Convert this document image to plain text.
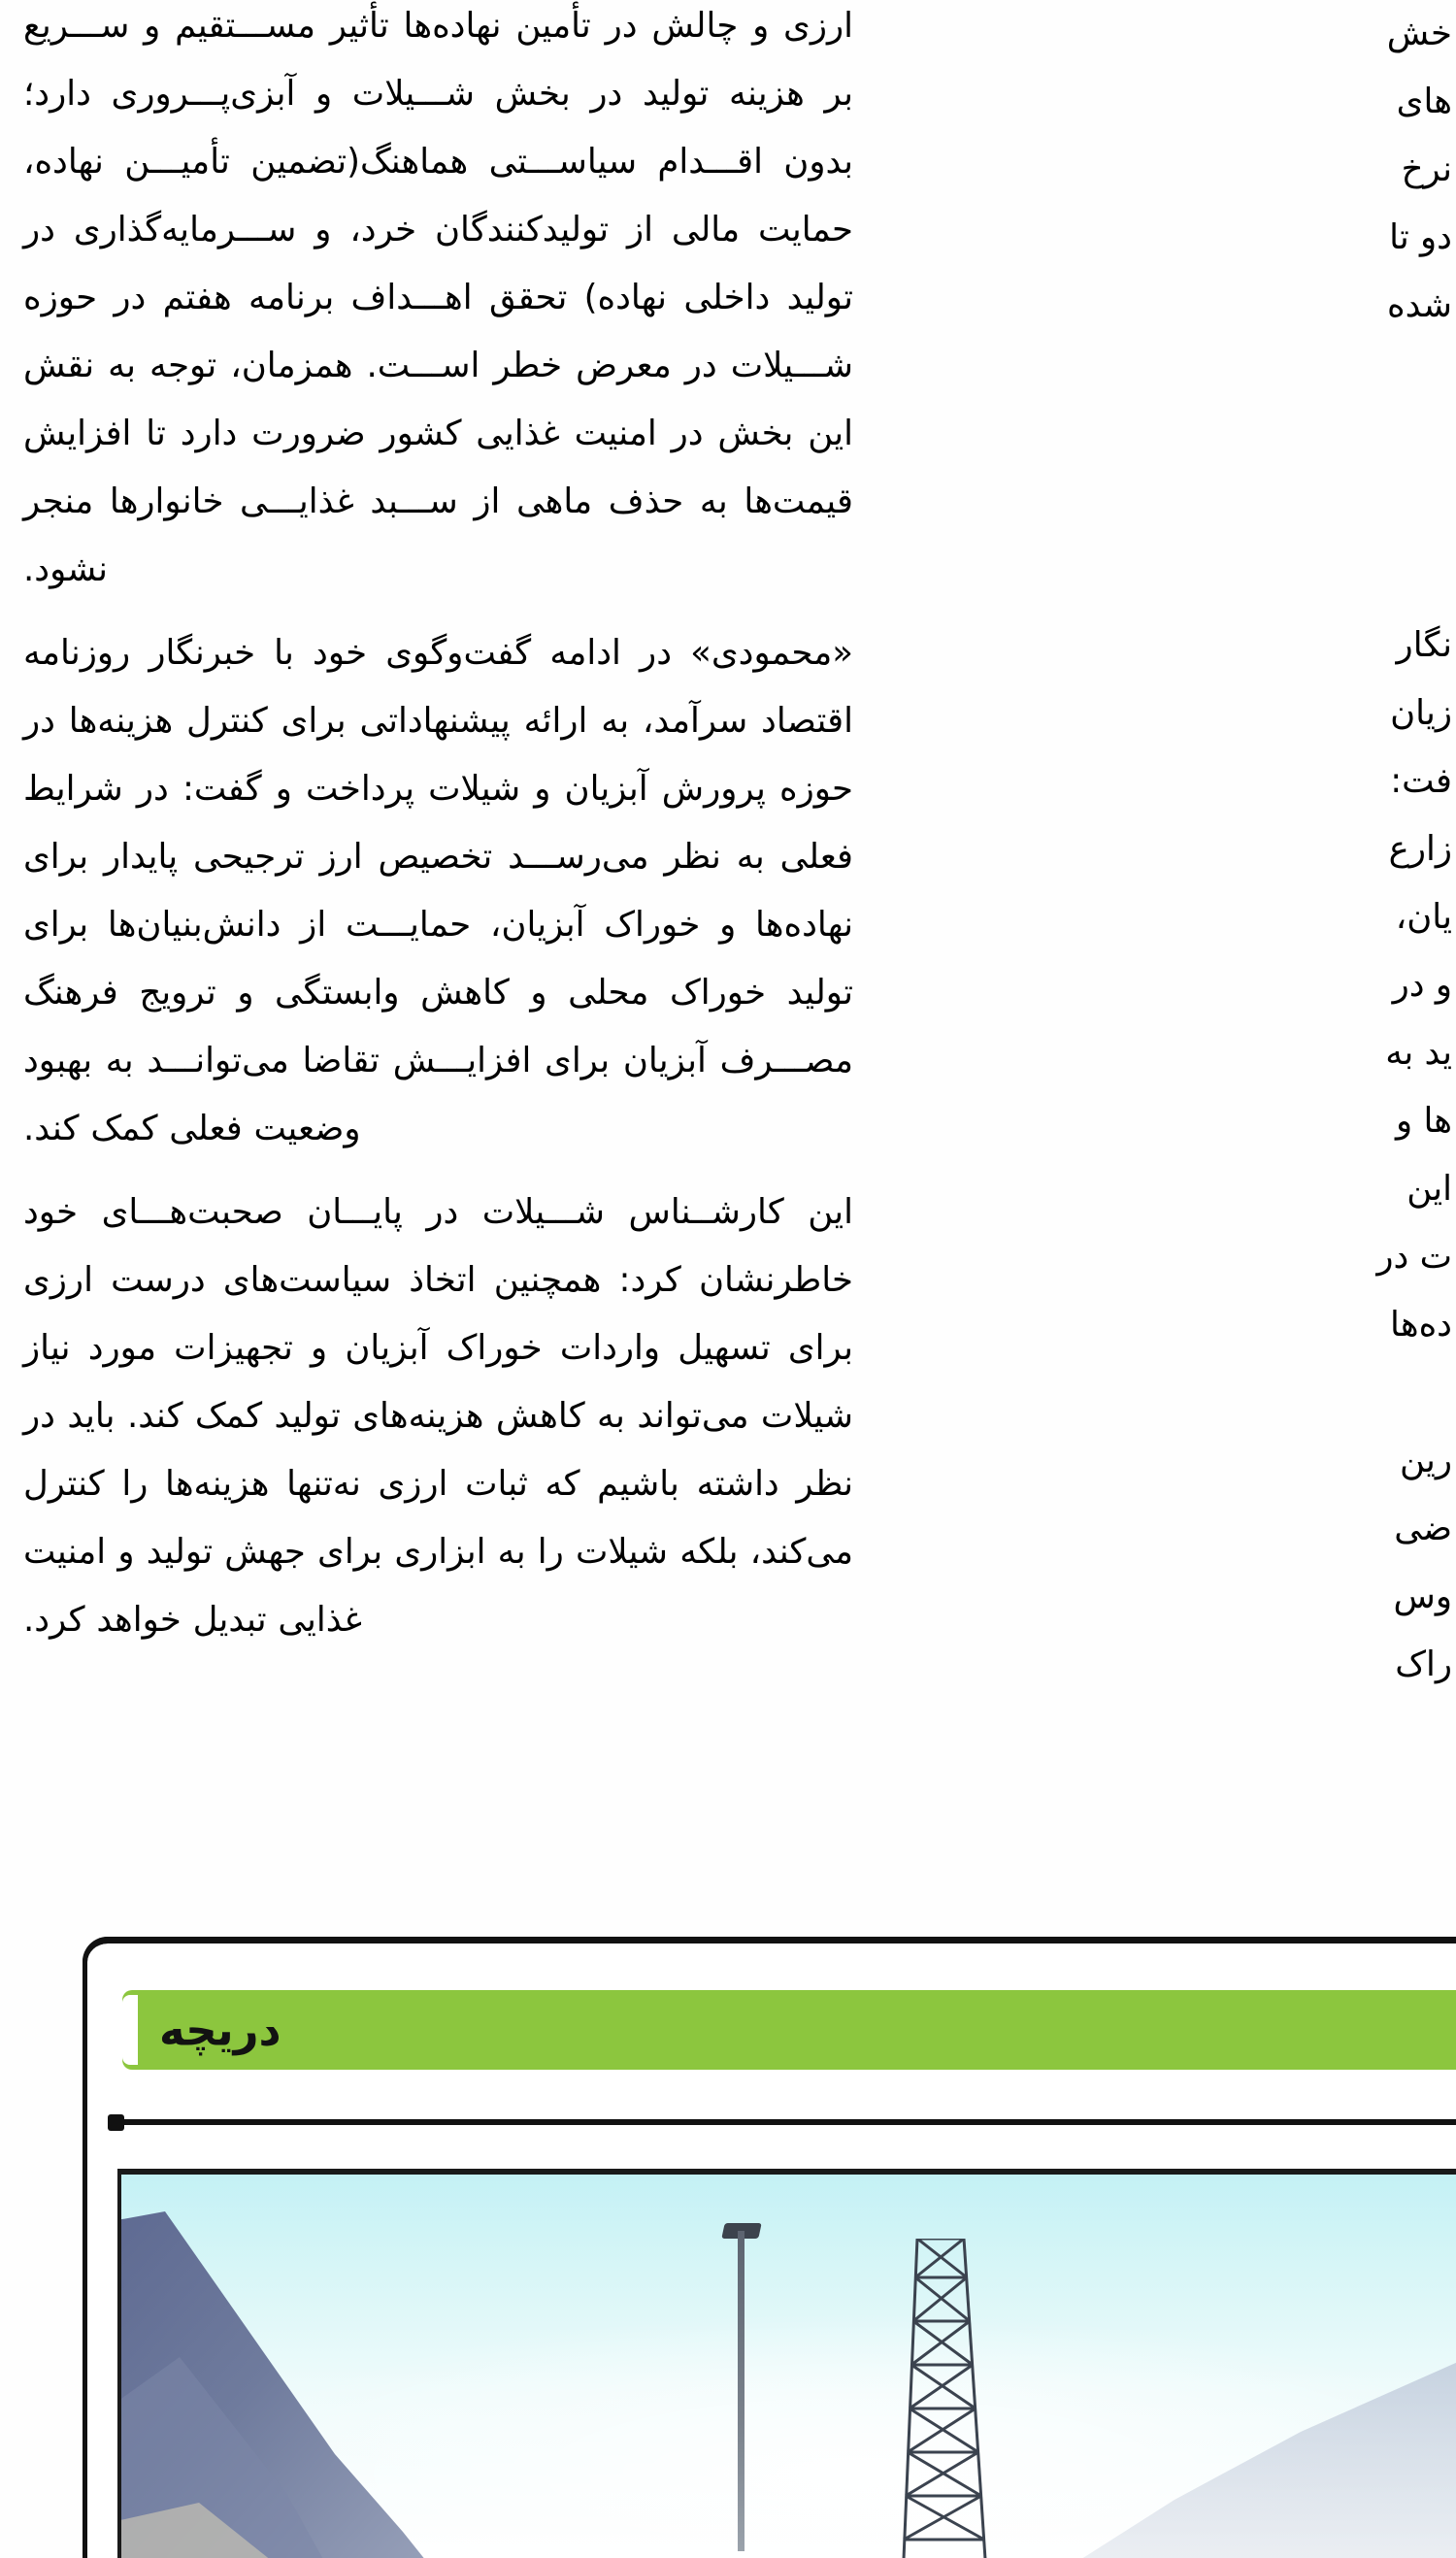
ارزی و چالش در تأمین نهاده‌ها تأثیر مســـتقیم و ســـریع بر هزینه تولید در بخش شـــیلات و آبزی‌پـــروری دارد؛ بدون اقـــدام سیاســـتی هماهنگ(تضمین تأمیـــن نهاده، حمایت مالی از تولیدکنندگان خرد، و ســـرمایه‌گذاری در تولید داخلی نهاده) تحقق اهـــداف برنامه هفتم در حوزه شـــیلات در معرض خطر اســـت. همزمان، توجه به نقش این بخش در امنیت غذایی کشور ضرورت دارد تا افزایش قیمت‌ها به حذف ماهی از ســـبد غذایـــی خانوارها منجر نشود.

«محمودی» در ادامه گفت‌وگوی خود با خبرنگار روزنامه اقتصاد سرآمد، به ارائه پیشنهاداتی برای کنترل هزینه‌ها در حوزه پرورش آبزیان و شیلات پرداخت و گفت: در شرایط فعلی به نظر می‌رســـد تخصیص ارز ترجیحی پایدار برای نهاده‌ها و خوراک آبزیان، حمایـــت از دانش‌بنیان‌ها برای تولید خوراک محلی و کاهش وابستگی و ترویج فرهنگ مصـــرف آبزیان برای افزایـــش تقاضا می‌توانـــد به بهبود وضعیت فعلی کمک کند.

این کارشــناس شـــیلات در پایـــان صحبت‌هـــای خود خاطرنشان کرد: همچنین اتخاذ سیاست‌های درست ارزی برای تسهیل واردات خوراک آبزیان و تجهیزات مورد نیاز شیلات می‌تواند به کاهش هزینه‌های تولید کمک کند. باید در نظر داشته باشیم که ثبات ارزی نه‌تنها هزینه‌ها را کنترل می‌کند، بلکه شیلات را به ابزاری برای جهش تولید و امنیت غذایی تبدیل خواهد کرد.

خش
های
نرخ
دو تا
شده
نگار
زیان
فت:
زارع
یان،
و در
ید به
ها و
این
ت در
ده‌ها
رین
ضی
وس
راک
دریچه
